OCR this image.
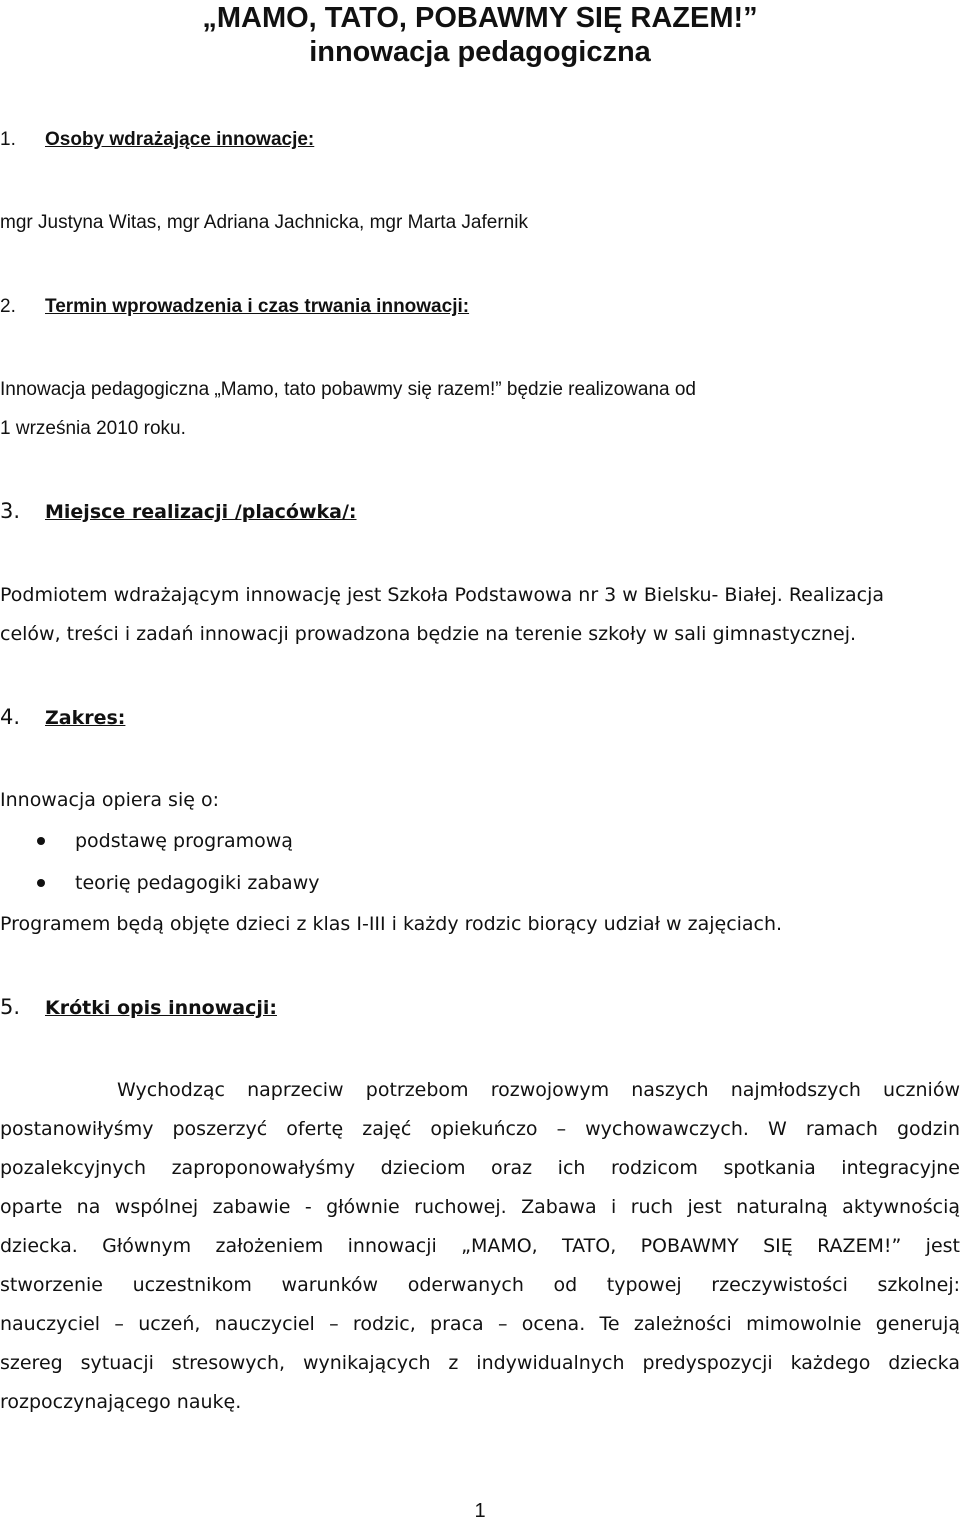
„MAMO, TATO, POBAWMY SIĘ RAZEM!”
innowacja pedagogiczna
1. Osoby wdrażające innowacje:
mgr Justyna Witas, mgr Adriana Jachnicka, mgr Marta Jafernik
2. Termin wprowadzenia i czas trwania innowacji:
Innowacja pedagogiczna „Mamo, tato pobawmy się razem!” będzie realizowana od
1 września 2010 roku.
3. Miejsce realizacji /placówka/:
Podmiotem wdrażającym innowację jest Szkoła Podstawowa nr 3 w Bielsku- Białej. Realizacja
celów, treści i zadań innowacji prowadzona będzie na terenie szkoły w sali gimnastycznej.
4. Zakres:
Innowacja opiera się o:
podstawę programową
teorię pedagogiki zabawy
Programem będą objęte dzieci z klas I-III i każdy rodzic biorący udział w zajęciach.
5. Krótki opis innowacji:
Wychodząc naprzeciw potrzebom rozwojowym naszych najmłodszych uczniów
postanowiłyśmy poszerzyć ofertę zajęć opiekuńczo – wychowawczych. W ramach godzin
pozalekcyjnych zaproponowałyśmy dzieciom oraz ich rodzicom spotkania integracyjne
oparte na wspólnej zabawie - głównie ruchowej. Zabawa i ruch jest naturalną aktywnością
dziecka. Głównym założeniem innowacji „MAMO, TATO, POBAWMY SIĘ RAZEM!” jest
stworzenie uczestnikom warunków oderwanych od typowej rzeczywistości szkolnej:
nauczyciel – uczeń, nauczyciel – rodzic, praca – ocena. Te zależności mimowolnie generują
szereg sytuacji stresowych, wynikających z indywidualnych predyspozycji każdego dziecka
rozpoczynającego naukę.
1
